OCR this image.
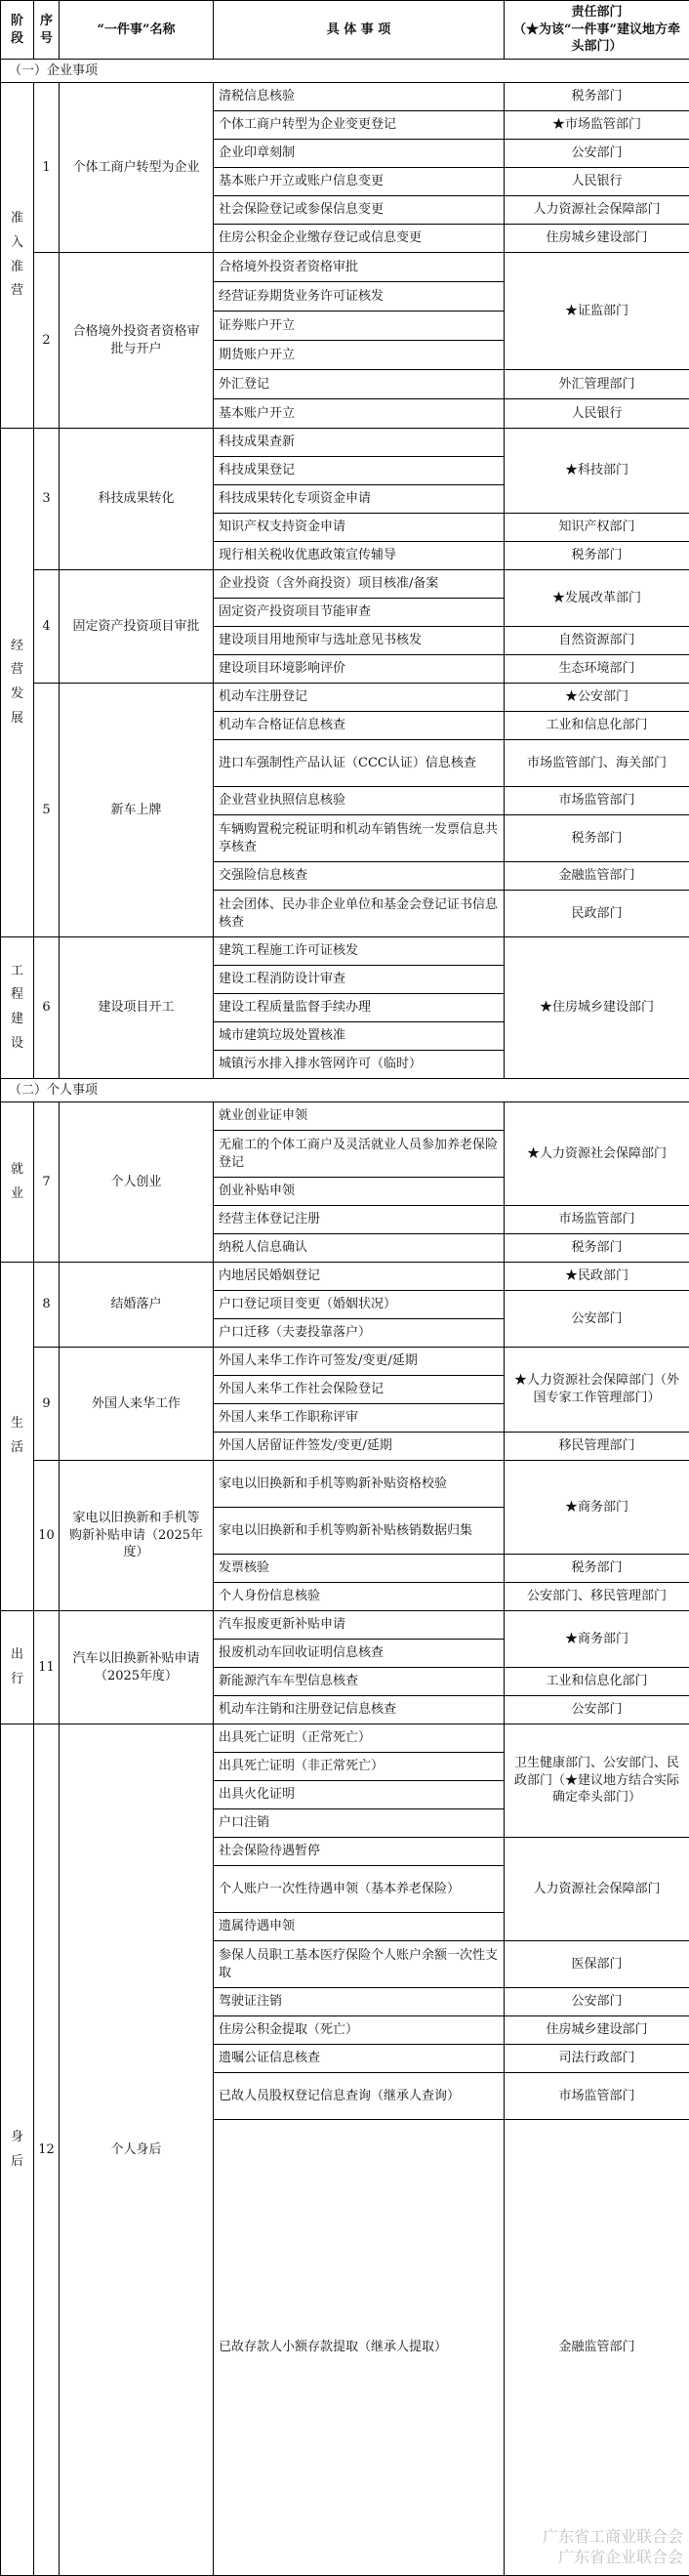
阶段	序号	“一件事”名称	具 体 事 项	责任部门
（★为该“一件事”建议地方牵头部门）

（一）企业事项				
准入准营	1	个体工商户转型为企业	清税信息核验	税务部门
			个体工商户转型为企业变更登记	★市场监管部门
			企业印章刻制	公安部门
			基本账户开立或账户信息变更	人民银行
			社会保险登记或参保信息变更	人力资源社会保障部门
			住房公积金企业缴存登记或信息变更	住房城乡建设部门
	2	合格境外投资者资格审批与开户	合格境外投资者资格审批	★证监部门
			经营证券期货业务许可证核发	
			证券账户开立	
			期货账户开立	
			外汇登记	外汇管理部门
			基本账户开立	人民银行
经营发展	3	科技成果转化	科技成果查新	★科技部门
			科技成果登记	
			科技成果转化专项资金申请	
			知识产权支持资金申请	知识产权部门
			现行相关税收优惠政策宣传辅导	税务部门
	4	固定资产投资项目审批	企业投资（含外商投资）项目核准/备案	★发展改革部门
			固定资产投资项目节能审查	
			建设项目用地预审与选址意见书核发	自然资源部门
			建设项目环境影响评价	生态环境部门
	5	新车上牌	机动车注册登记	★公安部门
			机动车合格证信息核查	工业和信息化部门
			进口车强制性产品认证（CCC认证）信息核查	市场监管部门、海关部门
			企业营业执照信息核验	市场监管部门
			车辆购置税完税证明和机动车销售统一发票信息共享核查	税务部门
			交强险信息核查	金融监管部门
			社会团体、民办非企业单位和基金会登记证书信息核查	民政部门
工程建设	6	建设项目开工	建筑工程施工许可证核发	★住房城乡建设部门
			建设工程消防设计审查	
			建设工程质量监督手续办理	
			城市建筑垃圾处置核准	
			城镇污水排入排水管网许可（临时）	
（二）个人事项				
就业	7	个人创业	就业创业证申领	★人力资源社会保障部门
			无雇工的个体工商户及灵活就业人员参加养老保险登记	
			创业补贴申领	
			经营主体登记注册	市场监管部门
			纳税人信息确认	税务部门
生活	8	结婚落户	内地居民婚姻登记	★民政部门
			户口登记项目变更（婚姻状况）	公安部门
			户口迁移（夫妻投靠落户）	
	9	外国人来华工作	外国人来华工作许可签发/变更/延期	★人力资源社会保障部门（外国专家工作管理部门）
			外国人来华工作社会保险登记	
			外国人来华工作职称评审	
			外国人居留证件签发/变更/延期	移民管理部门
	10	家电以旧换新和手机等购新补贴申请（2025年度）	家电以旧换新和手机等购新补贴资格校验	★商务部门
			家电以旧换新和手机等购新补贴核销数据归集	
			发票核验	税务部门
			个人身份信息核验	公安部门、移民管理部门
出行	11	汽车以旧换新补贴申请（2025年度）	汽车报废更新补贴申请	★商务部门
			报废机动车回收证明信息核查	
			新能源汽车车型信息核查	工业和信息化部门
			机动车注销和注册登记信息核查	公安部门
身后	12	个人身后	出具死亡证明（正常死亡）	卫生健康部门、公安部门、民政部门（★建议地方结合实际确定牵头部门）
			出具死亡证明（非正常死亡）	
			出具火化证明	
			户口注销	
			社会保险待遇暂停	人力资源社会保障部门
			个人账户一次性待遇申领（基本养老保险）	
			遗属待遇申领	
			参保人员职工基本医疗保险个人账户余额一次性支取	医保部门
			驾驶证注销	公安部门
			住房公积金提取（死亡）	住房城乡建设部门
			遗嘱公证信息核查	司法行政部门
			已故人员股权登记信息查询（继承人查询）	市场监管部门
			已故存款人小额存款提取（继承人提取）	金融监管部门
广东省工商业联合会
广东省企业联合会
